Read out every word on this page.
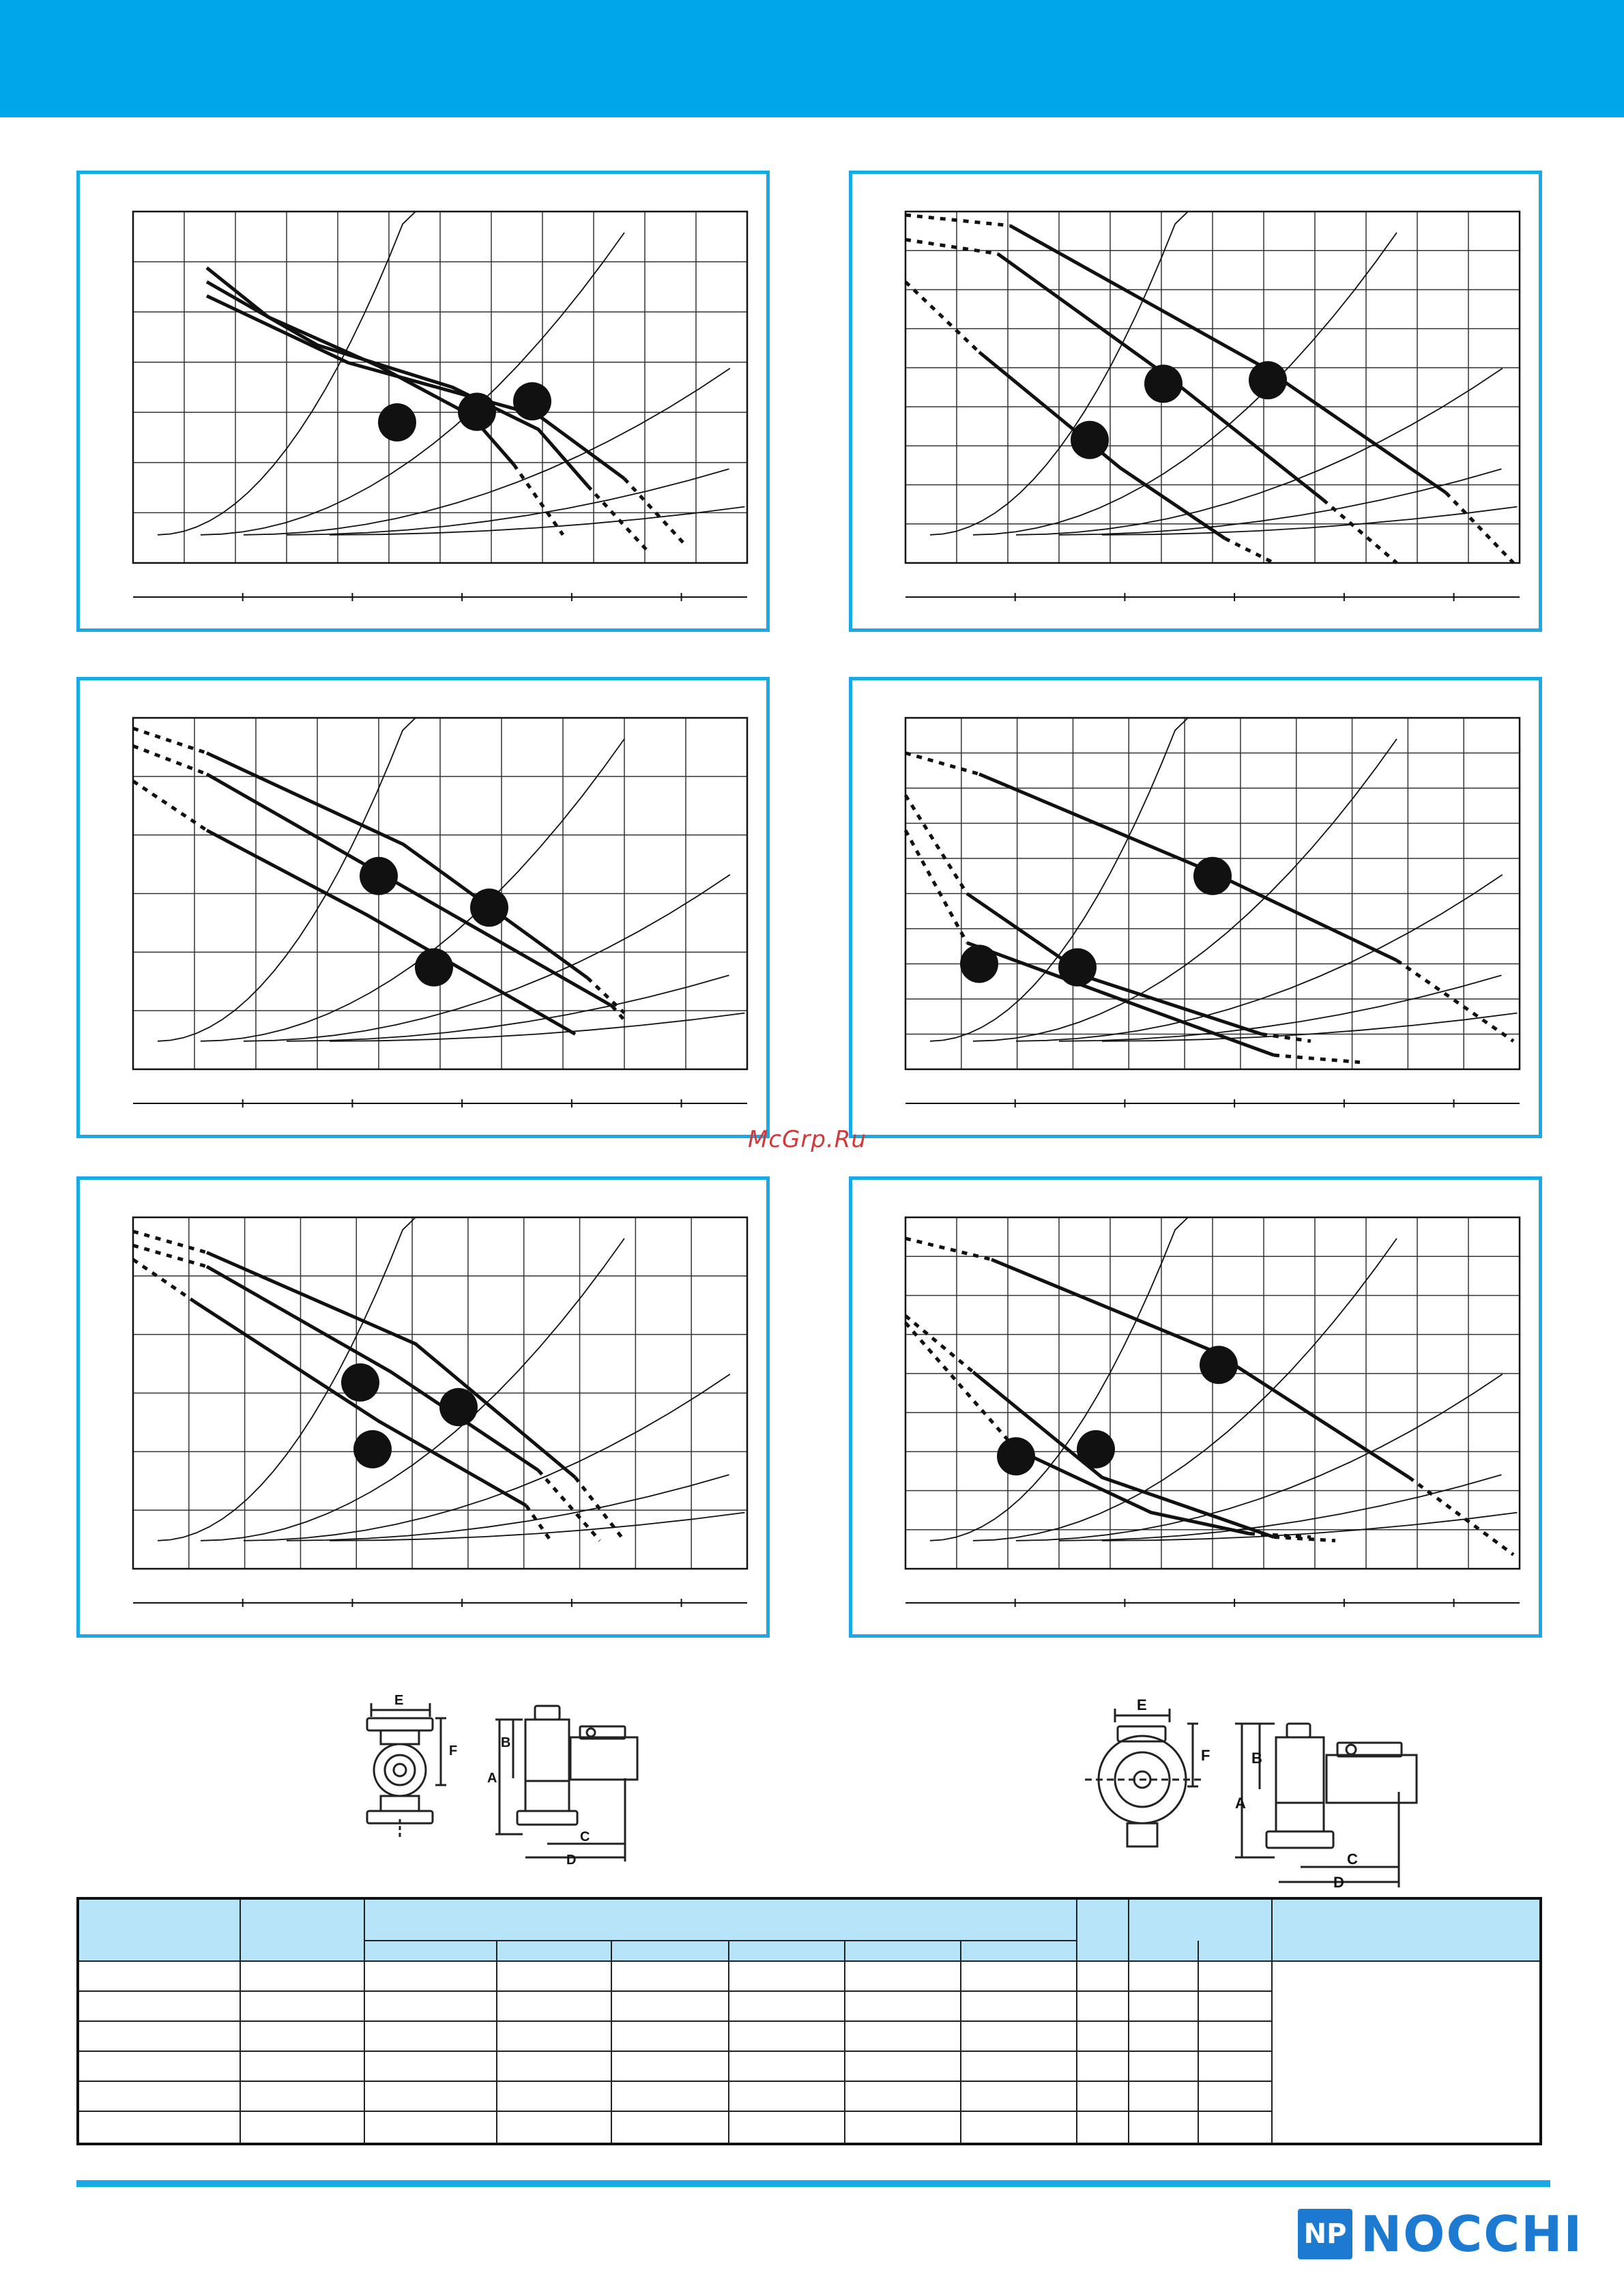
McGrp.Ru
E
F
B
A
C
D
E
F	B
A
C
D
NP NOCCHI
